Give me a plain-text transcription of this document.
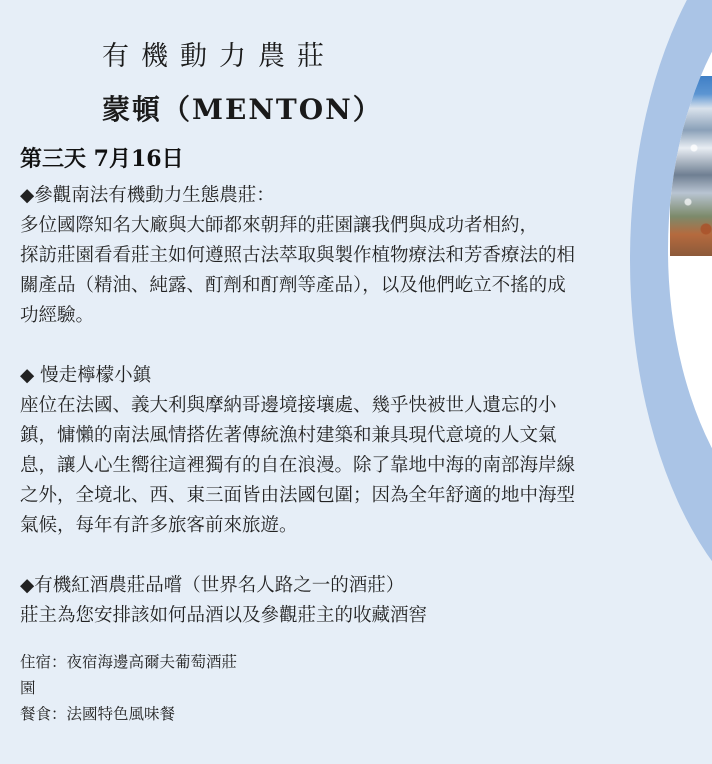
有機動力農莊
蒙頓（MENTON）
第三天 7月16日

◆參觀南法有機動力生態農莊：

多位國際知名大廠與大師都來朝拜的莊園讓我們與成功者相約，

探訪莊園看看莊主如何遵照古法萃取與製作植物療法和芳香療法的相

關產品（精油、純露、酊劑和酊劑等產品），以及他們屹立不搖的成

功經驗。

◆ 慢走檸檬小鎮

座位在法國、義大利與摩納哥邊境接壤處、幾乎快被世人遺忘的小

鎮，慵懶的南法風情搭佐著傳統漁村建築和兼具現代意境的人文氣

息，讓人心生嚮往這裡獨有的自在浪漫。除了靠地中海的南部海岸線

之外，全境北、西、東三面皆由法國包圍；因為全年舒適的地中海型

氣候，每年有許多旅客前來旅遊。

◆有機紅酒農莊品嚐（世界名人路之一的酒莊）

莊主為您安排該如何品酒以及參觀莊主的收藏酒窖

住宿：夜宿海邊高爾夫葡萄酒莊

園

餐食：法國特色風味餐
